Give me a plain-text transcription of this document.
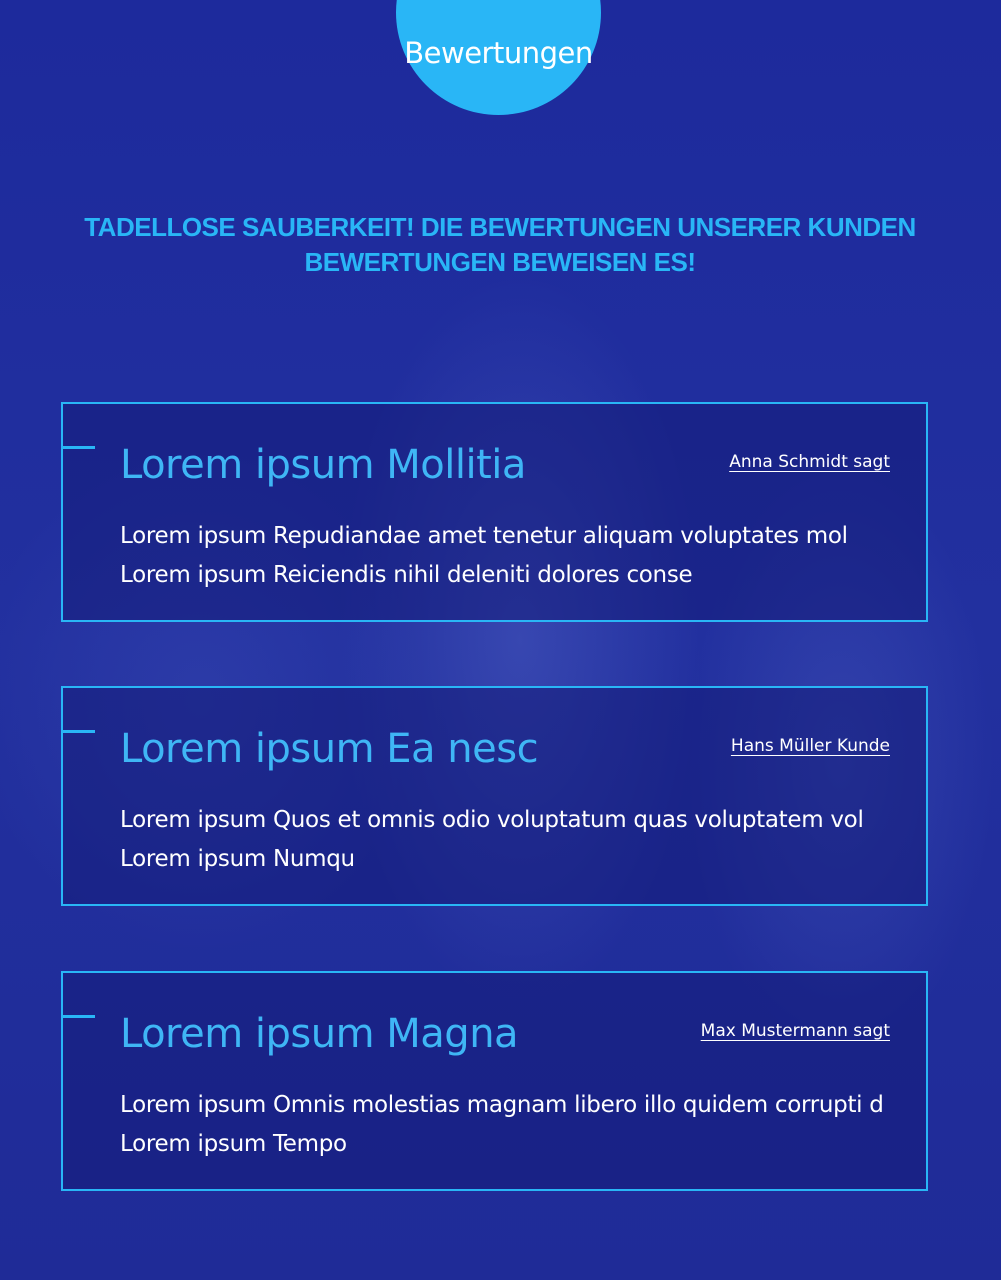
Bewertungen
TADELLOSE SAUBERKEIT! DIE BEWERTUNGEN UNSERER KUNDEN
BEWERTUNGEN BEWEISEN ES!
Lorem ipsum Mollitia	Anna Schmidt sagt
Lorem ipsum Repudiandae amet tenetur aliquam voluptates mol
Lorem ipsum Reiciendis nihil deleniti dolores conse
Lorem ipsum Ea nesc	Hans Müller Kunde
Lorem ipsum Quos et omnis odio voluptatum quas voluptatem vol
Lorem ipsum Numqu
Lorem ipsum Magna	Max Mustermann sagt
Lorem ipsum Omnis molestias magnam libero illo quidem corrupti d
Lorem ipsum Tempo
